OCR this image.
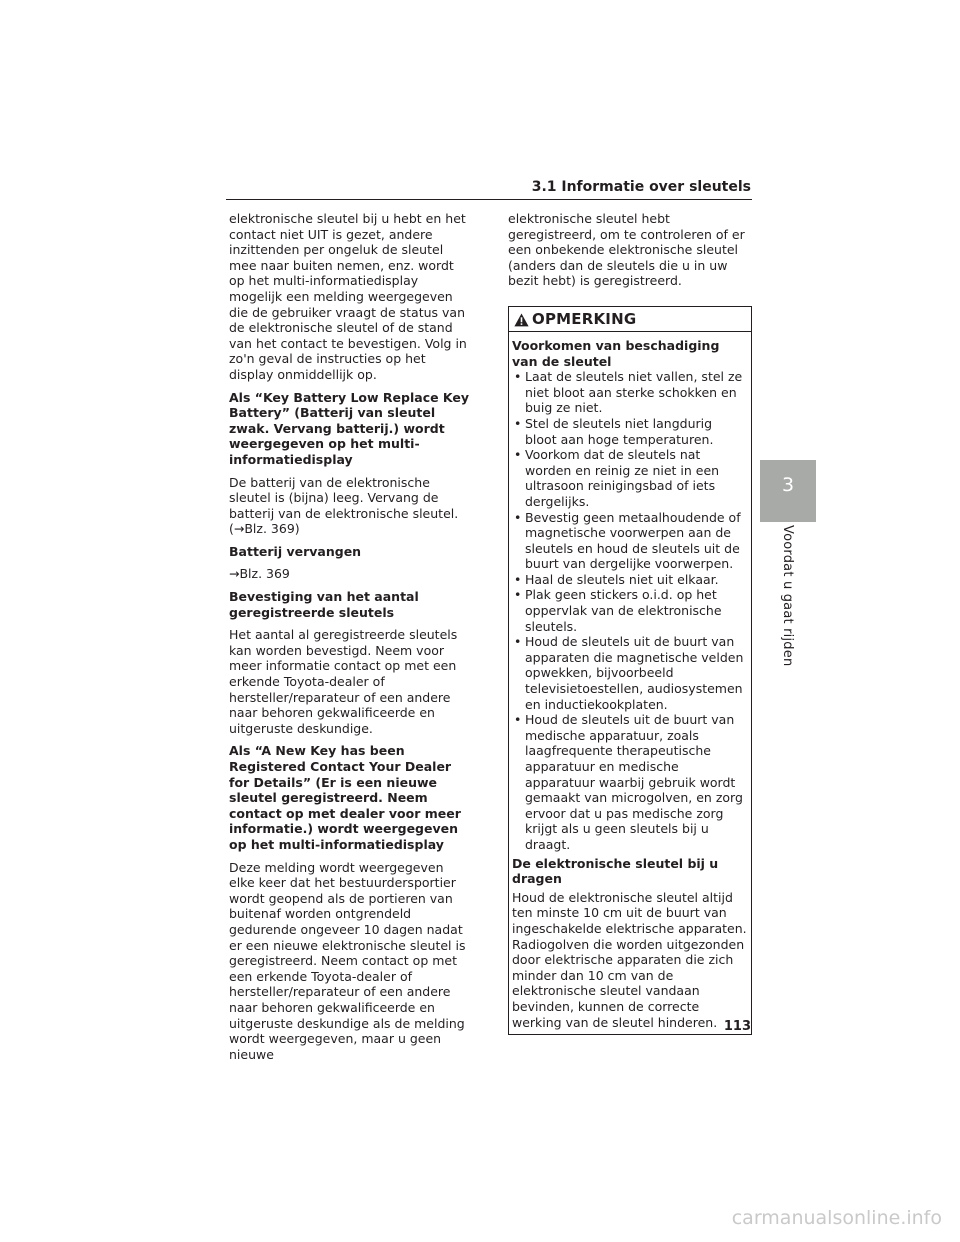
3.1 Informatie over sleutels

elektronische sleutel bij u hebt en het contact niet UIT is gezet, andere inzittenden per ongeluk de sleutel mee naar buiten nemen, enz. wordt op het multi-informatiedisplay mogelijk een melding weergegeven die de gebruiker vraagt de status van de elektronische sleutel of de stand van het contact te bevestigen. Volg in zo'n geval de instructies op het display onmiddellijk op.

Als “Key Battery Low Replace Key Battery” (Batterij van sleutel zwak. Vervang batterij.) wordt weergegeven op het multi-informatiedisplay

De batterij van de elektronische sleutel is (bijna) leeg. Vervang de batterij van de elektronische sleutel. (→Blz. 369)

Batterij vervangen

→Blz. 369

Bevestiging van het aantal geregistreerde sleutels

Het aantal al geregistreerde sleutels kan worden bevestigd. Neem voor meer informatie contact op met een erkende Toyota-dealer of hersteller/reparateur of een andere naar behoren gekwalificeerde en uitgeruste deskundige.

Als “A New Key has been Registered Contact Your Dealer for Details” (Er is een nieuwe sleutel geregistreerd. Neem contact op met dealer voor meer informatie.) wordt weergegeven op het multi-informatiedisplay

Deze melding wordt weergegeven elke keer dat het bestuurdersportier wordt geopend als de portieren van buitenaf worden ontgrendeld gedurende ongeveer 10 dagen nadat er een nieuwe elektronische sleutel is geregistreerd. Neem contact op met een erkende Toyota-dealer of hersteller/reparateur of een andere naar behoren gekwalificeerde en uitgeruste deskundige als de melding wordt weergegeven, maar u geen nieuwe

elektronische sleutel hebt geregistreerd, om te controleren of er een onbekende elektronische sleutel (anders dan de sleutels die u in uw bezit hebt) is geregistreerd.

OPMERKING

Voorkomen van beschadiging van de sleutel

• Laat de sleutels niet vallen, stel ze niet bloot aan sterke schokken en buig ze niet.
• Stel de sleutels niet langdurig bloot aan hoge temperaturen.
• Voorkom dat de sleutels nat worden en reinig ze niet in een ultrasoon reinigingsbad of iets dergelijks.
• Bevestig geen metaalhoudende of magnetische voorwerpen aan de sleutels en houd de sleutels uit de buurt van dergelijke voorwerpen.
• Haal de sleutels niet uit elkaar.
• Plak geen stickers o.i.d. op het oppervlak van de elektronische sleutels.
• Houd de sleutels uit de buurt van apparaten die magnetische velden opwekken, bijvoorbeeld televisietoestellen, audiosystemen en inductiekookplaten.
• Houd de sleutels uit de buurt van medische apparatuur, zoals laagfrequente therapeutische apparatuur en medische apparatuur waarbij gebruik wordt gemaakt van microgolven, en zorg ervoor dat u pas medische zorg krijgt als u geen sleutels bij u draagt.

De elektronische sleutel bij u dragen

Houd de elektronische sleutel altijd ten minste 10 cm uit de buurt van ingeschakelde elektrische apparaten. Radiogolven die worden uitgezonden door elektrische apparaten die zich minder dan 10 cm van de elektronische sleutel vandaan bevinden, kunnen de correcte werking van de sleutel hinderen.

3
Voordat u gaat rijden
113
carmanualsonline.info
